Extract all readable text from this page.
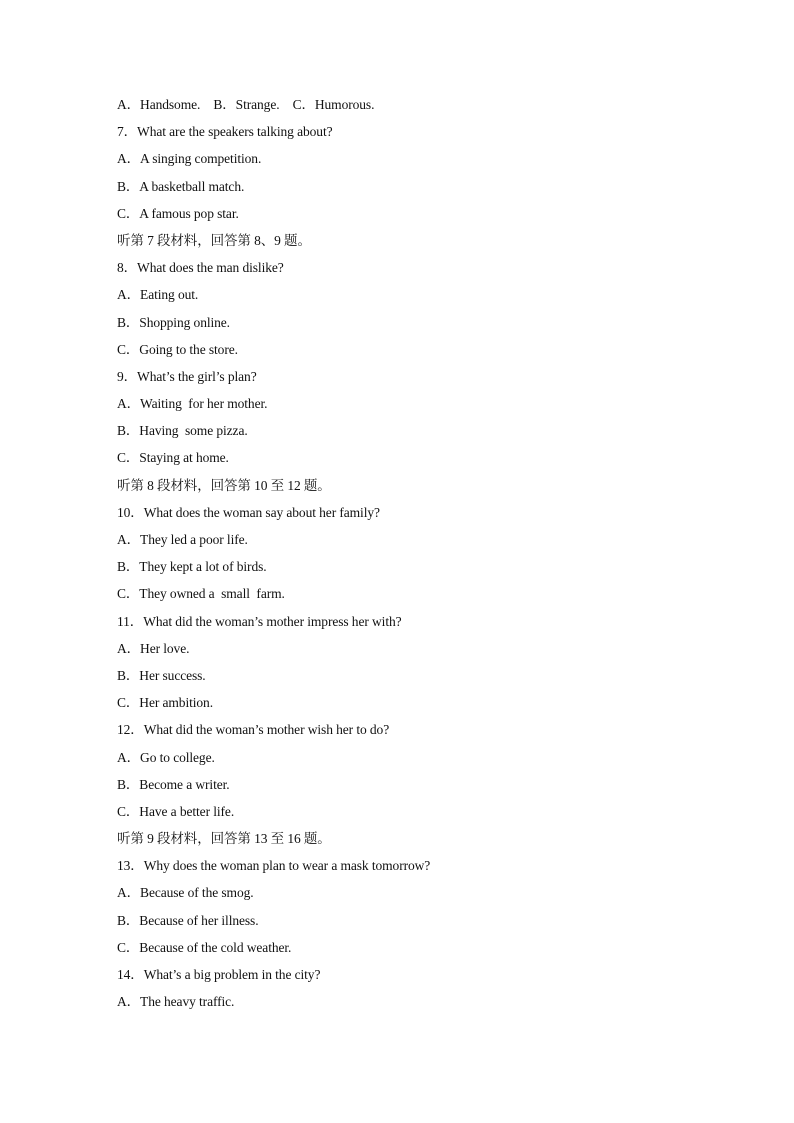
A．Handsome.    B．Strange.    C．Humorous.
7．What are the speakers talking about?
A．A singing competition.
B．A basketball match.
C．A famous pop star.
听第 7 段材料，回答第 8、9 题。
8．What does the man dislike?
A．Eating out.
B．Shopping online.
C．Going to the store.
9．What’s the girl’s plan?
A．Waiting  for her mother.
B．Having  some pizza.
C．Staying at home.
听第 8 段材料，回答第 10 至 12 题。
10．What does the woman say about her family?
A．They led a poor life.
B．They kept a lot of birds.
C．They owned a  small  farm.
11．What did the woman’s mother impress her with?
A．Her love.
B．Her success.
C．Her ambition.
12．What did the woman’s mother wish her to do?
A．Go to college.
B．Become a writer.
C．Have a better life.
听第 9 段材料，回答第 13 至 16 题。
13．Why does the woman plan to wear a mask tomorrow?
A．Because of the smog.
B．Because of her illness.
C．Because of the cold weather.
14．What’s a big problem in the city?
A．The heavy traffic.
